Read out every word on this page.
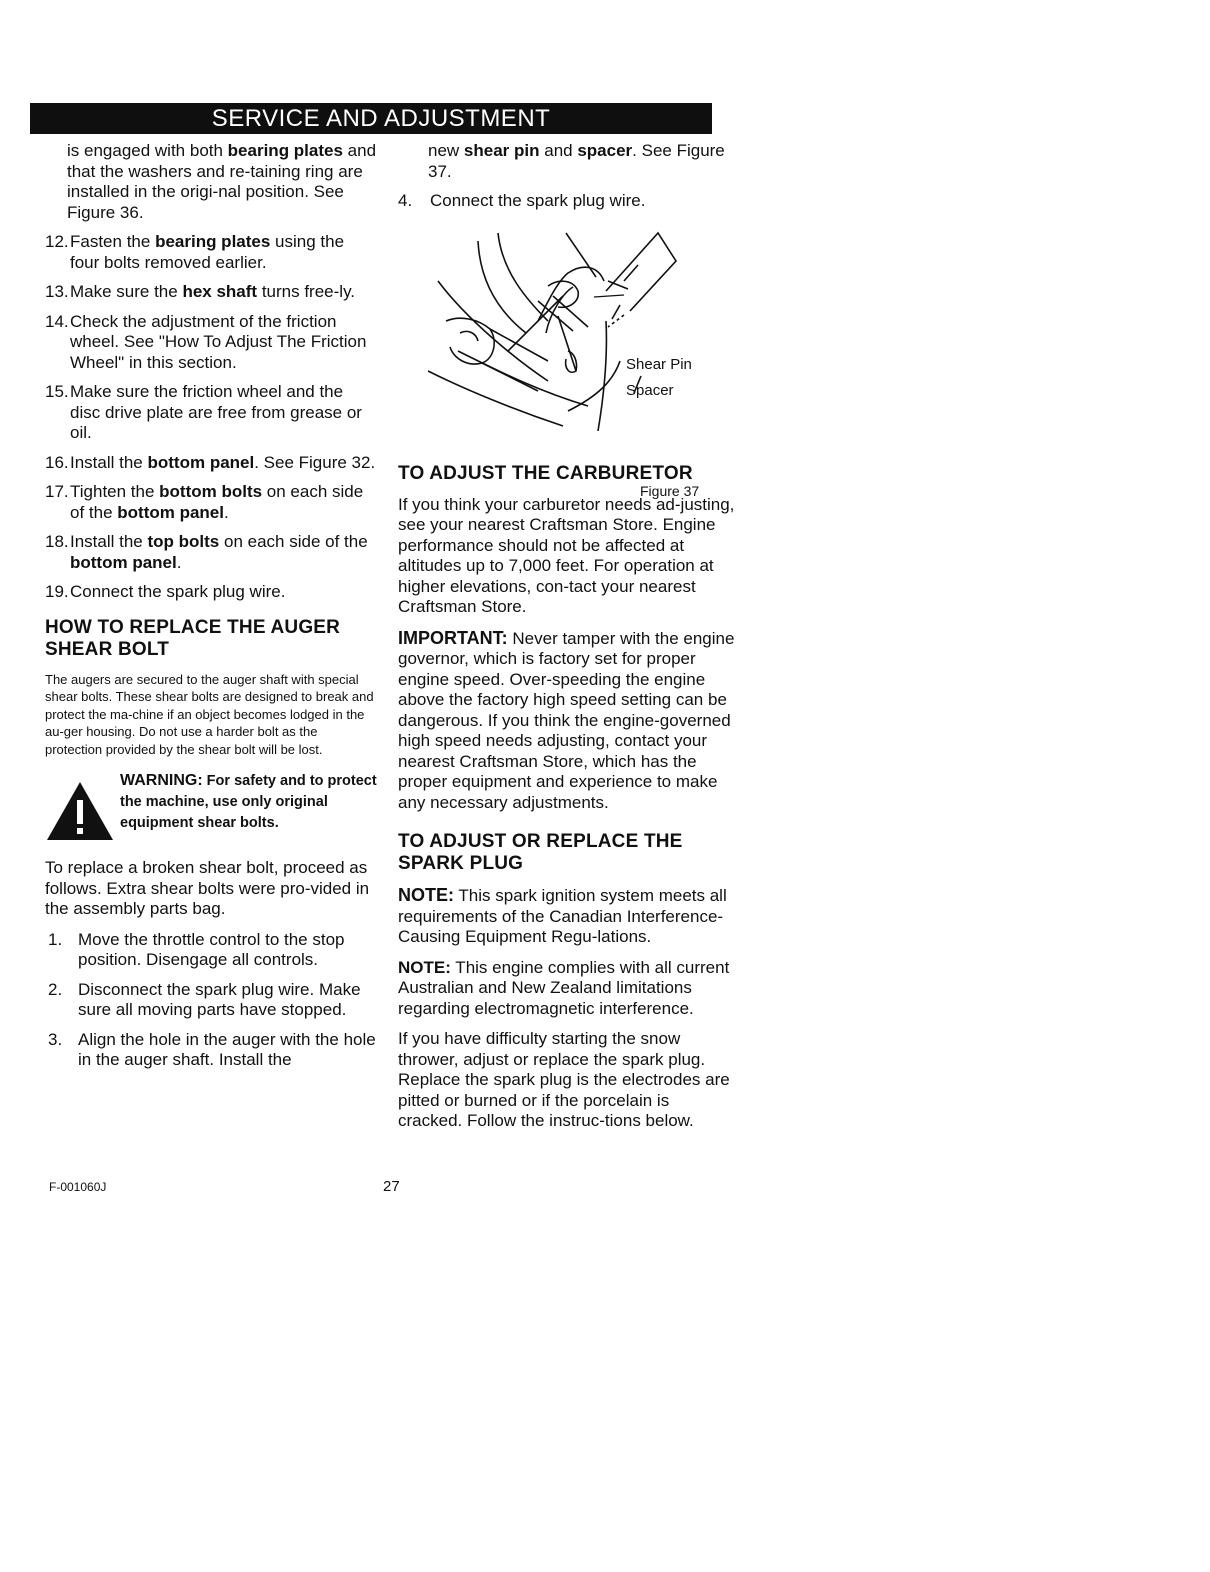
SERVICE AND ADJUSTMENT

is engaged with both bearing plates and that the washers and re-taining ring are installed in the origi-nal position. See Figure 36.

12. Fasten the bearing plates using the four bolts removed earlier.
13. Make sure the hex shaft turns free-ly.
14. Check the adjustment of the friction wheel. See "How To Adjust The Friction Wheel" in this section.
15. Make sure the friction wheel and the disc drive plate are free from grease or oil.
16. Install the bottom panel. See Figure 32.
17. Tighten the bottom bolts on each side of the bottom panel.
18. Install the top bolts on each side of the bottom panel.
19. Connect the spark plug wire.

HOW TO REPLACE THE AUGER SHEAR BOLT

The augers are secured to the auger shaft with special shear bolts. These shear bolts are designed to break and protect the ma-chine if an object becomes lodged in the au-ger housing. Do not use a harder bolt as the protection provided by the shear bolt will be lost.

WARNING: For safety and to protect the machine, use only original equipment shear bolts.

To replace a broken shear bolt, proceed as follows. Extra shear bolts were pro-vided in the assembly parts bag.

1. Move the throttle control to the stop position. Disengage all controls.
2. Disconnect the spark plug wire. Make sure all moving parts have stopped.
3. Align the hole in the auger with the hole in the auger shaft. Install the

new shear pin and spacer. See Figure 37.

4.	Connect the spark plug wire.
Shear Pin
Spacer
Figure 37

TO ADJUST THE CARBURETOR

If you think your carburetor needs ad-justing, see your nearest Craftsman Store. Engine performance should not be affected at altitudes up to 7,000 feet. For operation at higher elevations, con-tact your nearest Craftsman Store.

IMPORTANT: Never tamper with the engine governor, which is factory set for proper engine speed. Over-speeding the engine above the factory high speed setting can be dangerous. If you think the engine-governed high speed needs adjusting, contact your nearest Craftsman Store, which has the proper equipment and experience to make any necessary adjustments.

TO ADJUST OR REPLACE THE SPARK PLUG

NOTE: This spark ignition system meets all requirements of the Canadian Interference-Causing Equipment Regu-lations.

NOTE: This engine complies with all current Australian and New Zealand limitations regarding electromagnetic interference.

If you have difficulty starting the snow thrower, adjust or replace the spark plug. Replace the spark plug is the electrodes are pitted or burned or if the porcelain is cracked. Follow the instruc-tions below.

F-001060J	27
